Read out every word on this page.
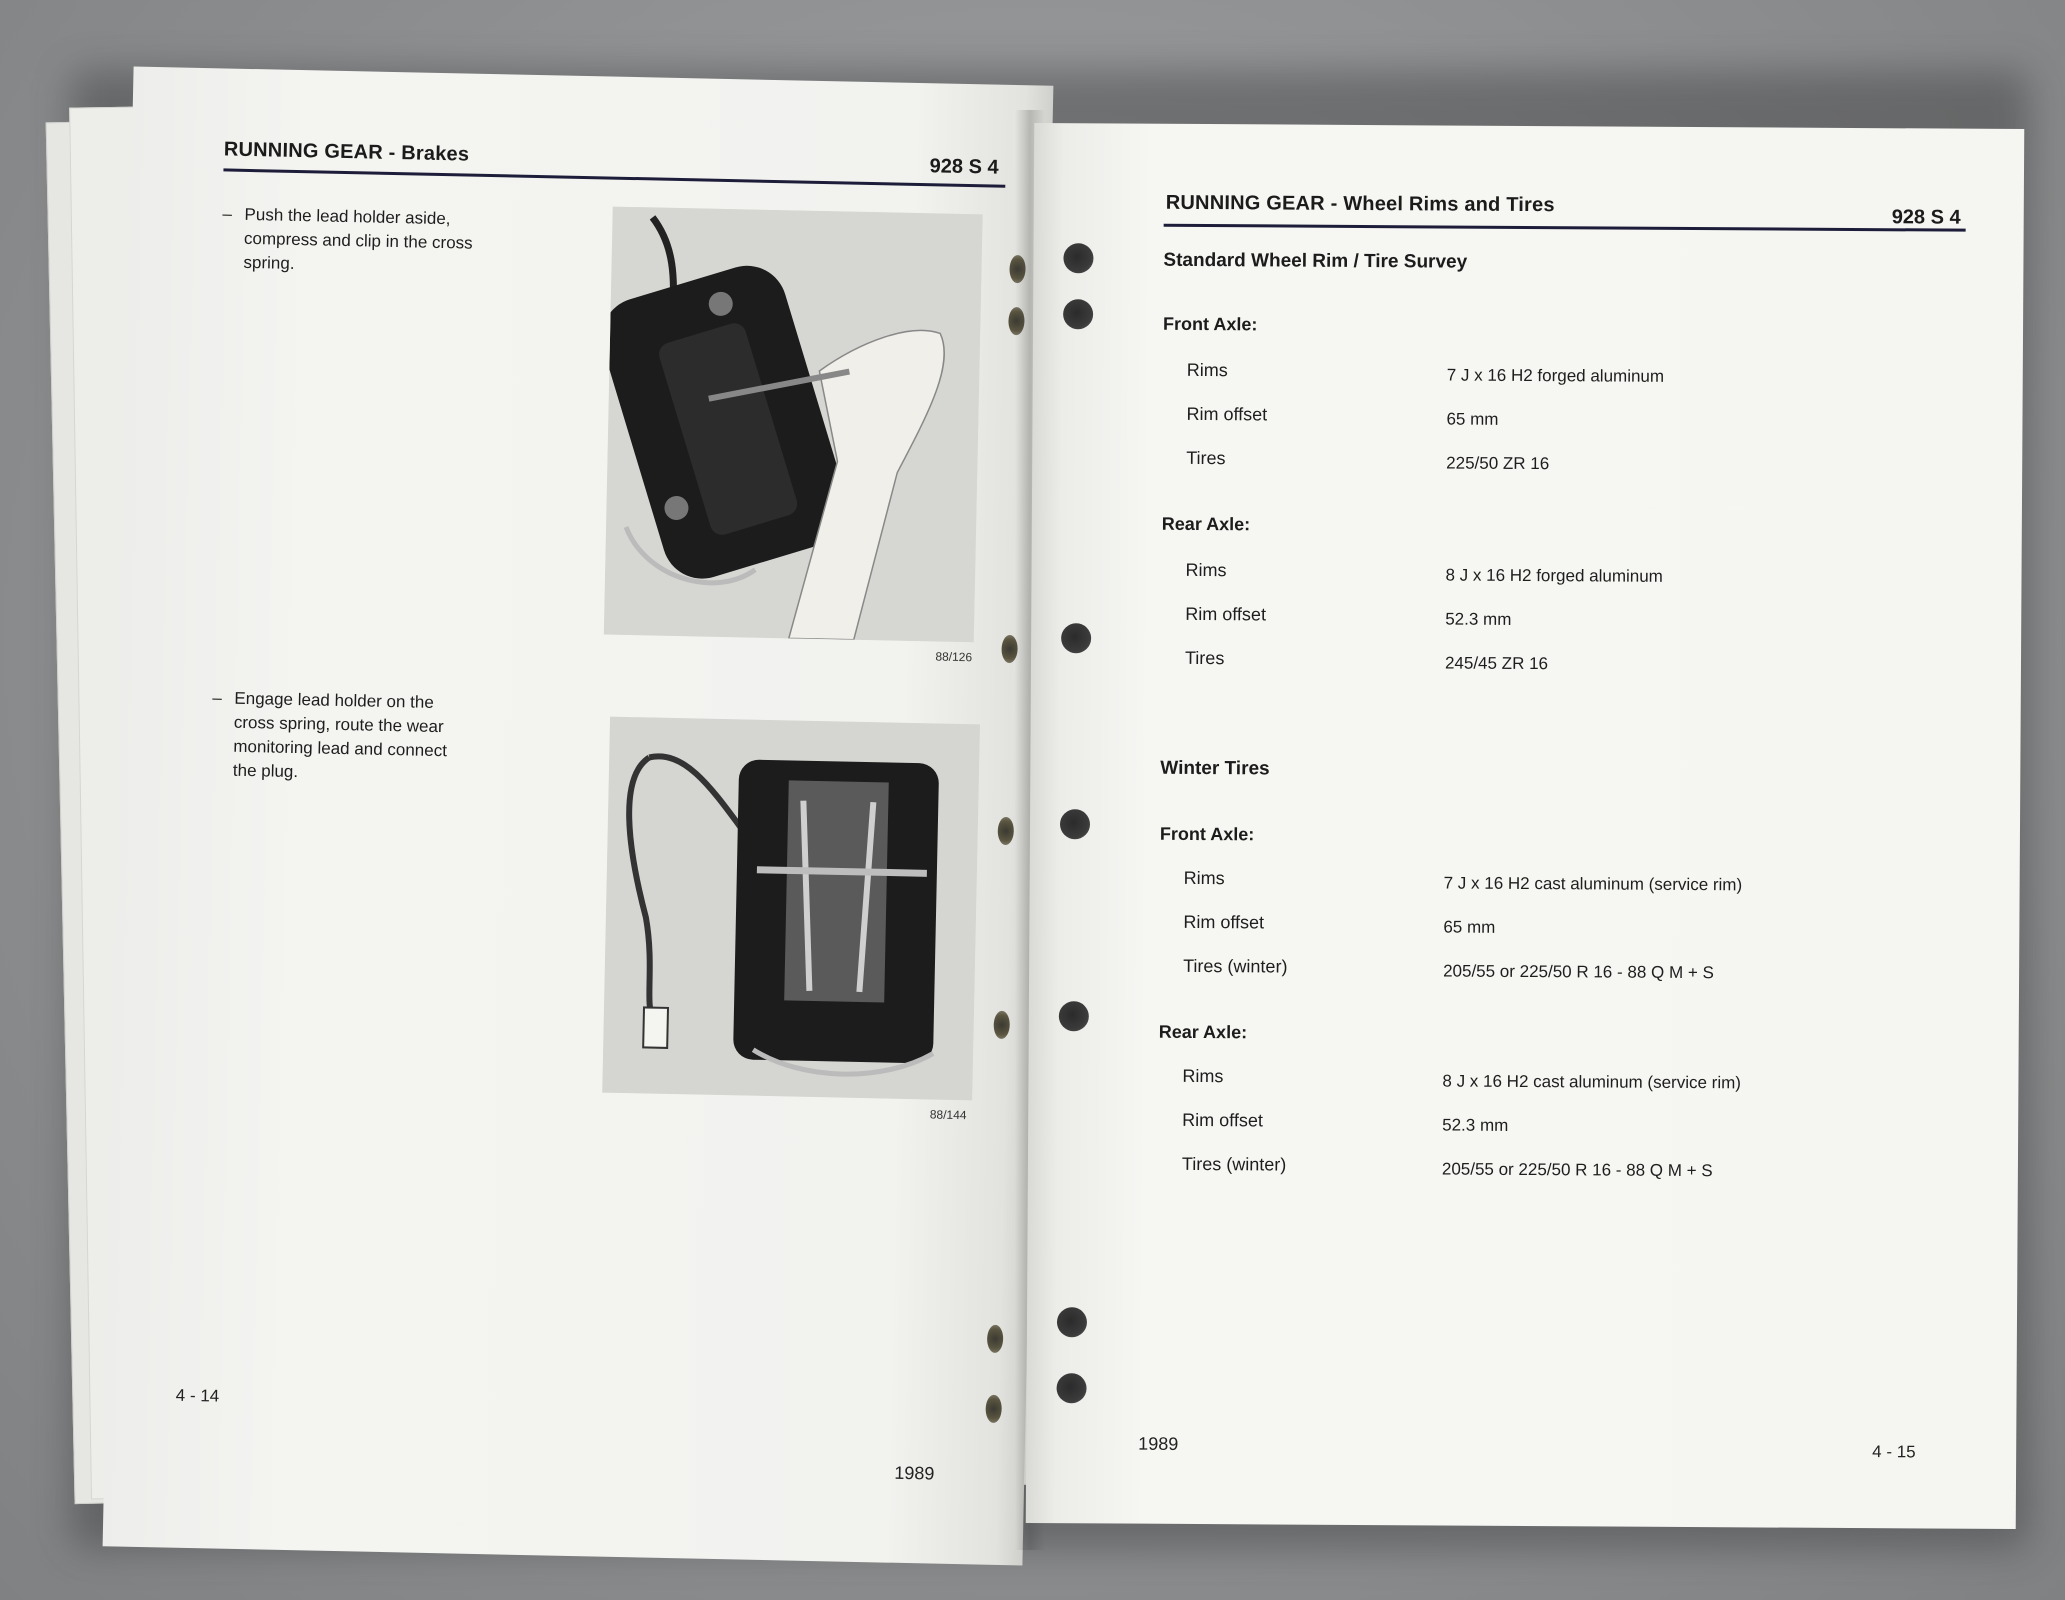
RUNNING GEAR - Brakes
928 S 4
– Push the lead holder aside, compress and clip in the cross spring.
88/126
– Engage lead holder on the cross spring, route the wear monitoring lead and connect the plug.
88/144
4 - 14
1989
RUNNING GEAR - Wheel Rims and Tires
928 S 4
Standard Wheel Rim / Tire Survey
Front Axle:
Rims	7 J x 16 H2 forged aluminum
Rim offset	65 mm
Tires	225/50 ZR 16
Rear Axle:
Rims	8 J x 16 H2 forged aluminum
Rim offset	52.3 mm
Tires	245/45 ZR 16
Winter Tires
Front Axle:
Rims	7 J x 16 H2 cast aluminum (service rim)
Rim offset	65 mm
Tires (winter)	205/55 or 225/50 R 16 - 88 Q M + S
Rear Axle:
Rims	8 J x 16 H2 cast aluminum (service rim)
Rim offset	52.3 mm
Tires (winter)	205/55 or 225/50 R 16 - 88 Q M + S
1989	4 - 15
